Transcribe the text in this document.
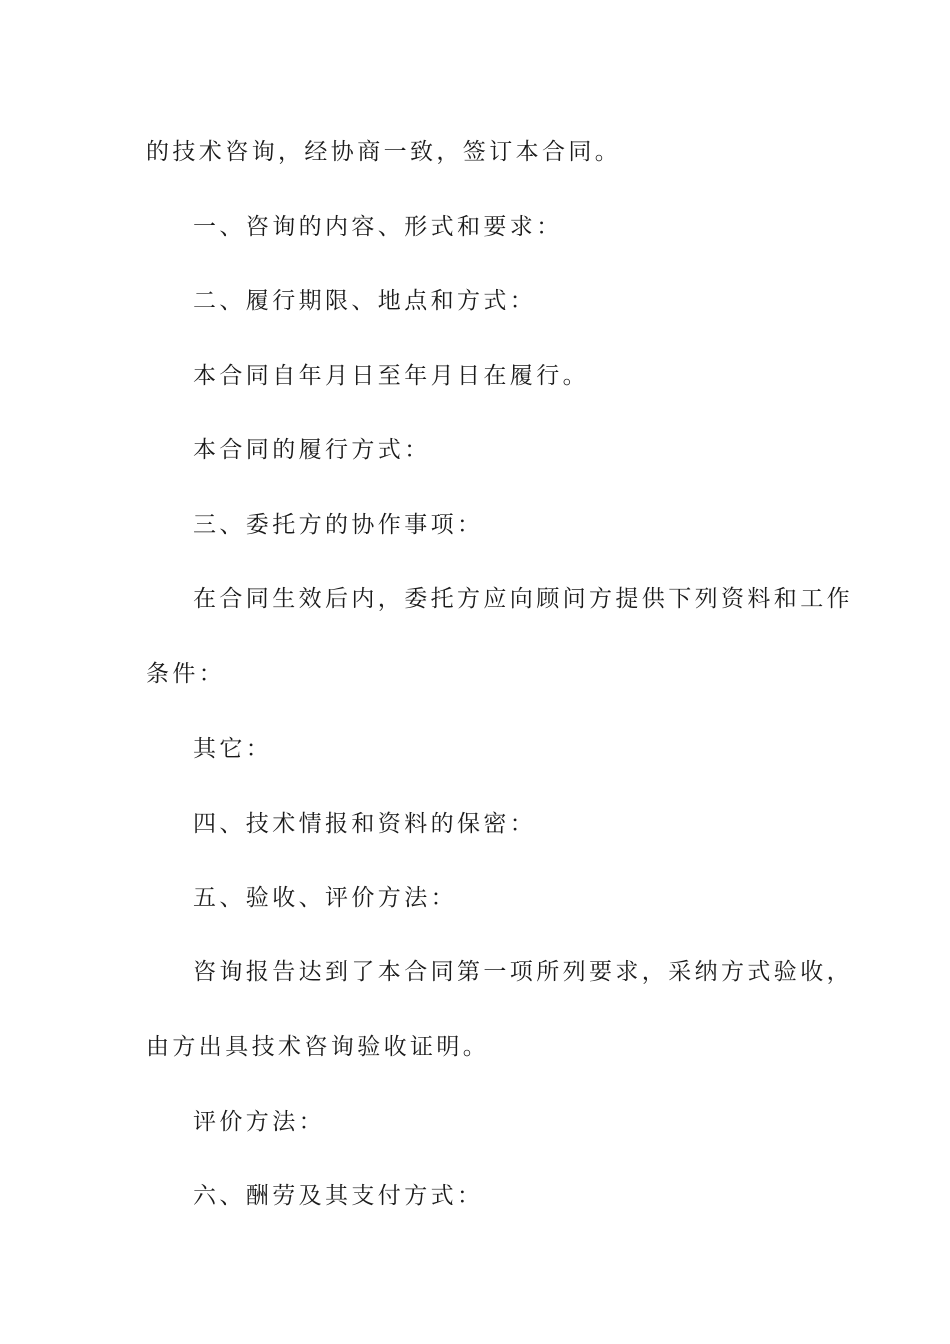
的技术咨询，经协商一致，签订本合同。

一、咨询的内容、形式和要求：

二、履行期限、地点和方式：

本合同自年月日至年月日在履行。

本合同的履行方式：

三、委托方的协作事项：

在合同生效后内，委托方应向顾问方提供下列资料和工作

条件：

其它：

四、技术情报和资料的保密：

五、验收、评价方法：

咨询报告达到了本合同第一项所列要求，采纳方式验收，

由方出具技术咨询验收证明。

评价方法：

六、酬劳及其支付方式：
